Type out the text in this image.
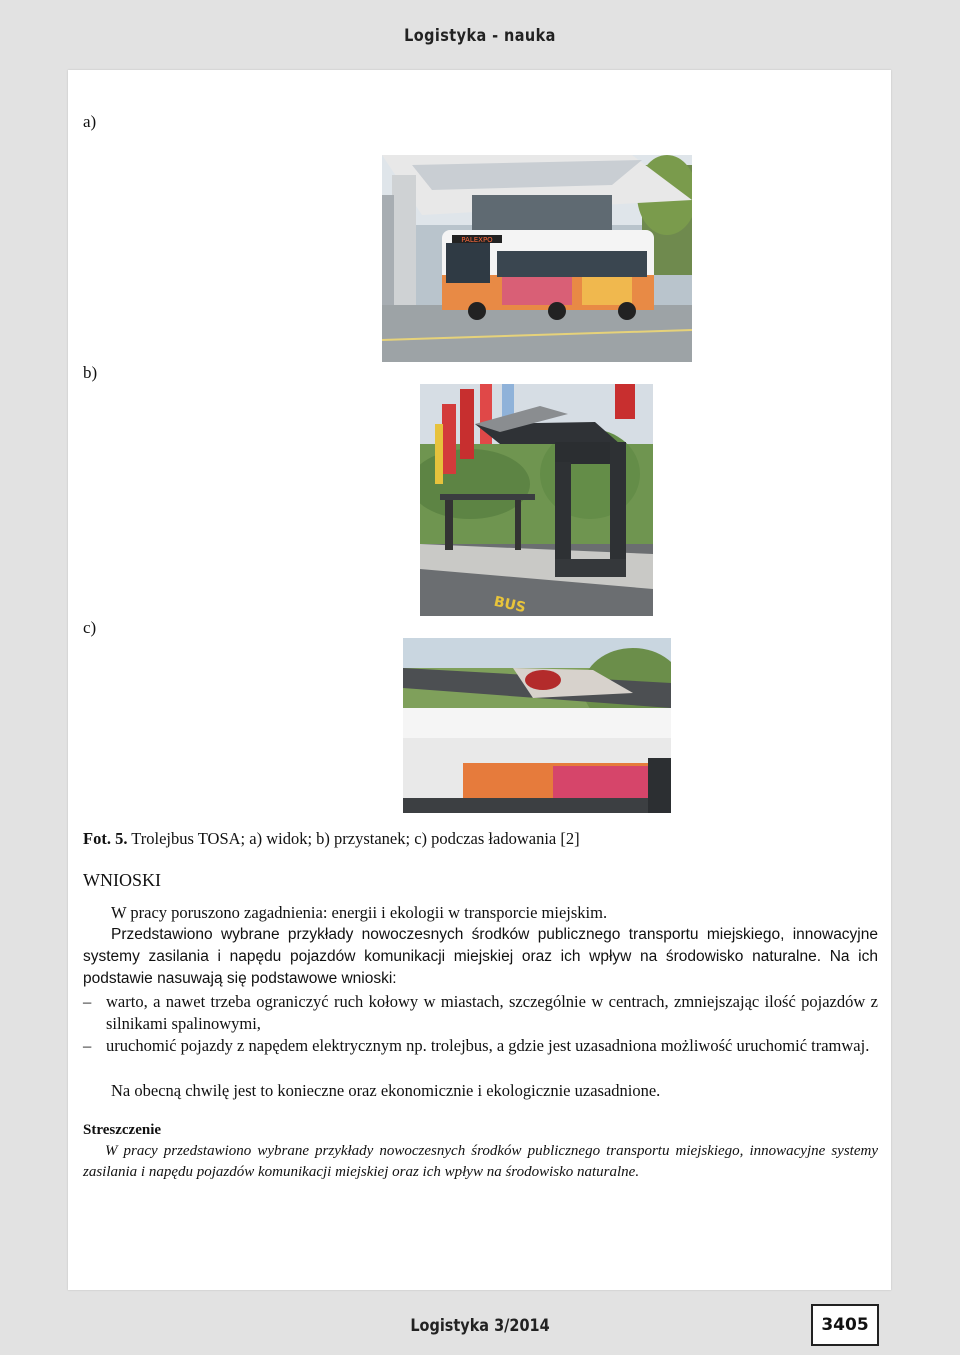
Logistyka - nauka
a)
b)
c)
PALEXPO
BUS
Fot. 5. Trolejbus TOSA; a) widok; b) przystanek; c) podczas ładowania [2]
WNIOSKI
W pracy poruszono zagadnienia: energii i ekologii w transporcie miejskim.
Przedstawiono wybrane przykłady nowoczesnych środków publicznego transportu miejskiego, innowacyjne systemy zasilania i napędu pojazdów komunikacji miejskiej oraz ich wpływ na środowisko naturalne. Na ich podstawie nasuwają się podstawowe wnioski:
– warto, a nawet trzeba ograniczyć ruch kołowy w miastach, szczególnie w centrach, zmniejszając ilość pojazdów z silnikami spalinowymi,
– uruchomić pojazdy z napędem elektrycznym np. trolejbus, a gdzie jest uzasadniona możliwość uruchomić tramwaj.
Na obecną chwilę jest to konieczne oraz ekonomicznie i ekologicznie uzasadnione.
Streszczenie
W pracy przedstawiono wybrane przykłady nowoczesnych środków publicznego transportu miejskiego, innowacyjne systemy zasilania i napędu pojazdów komunikacji miejskiej oraz ich wpływ na środowisko naturalne.
Logistyka 3/2014	3405
